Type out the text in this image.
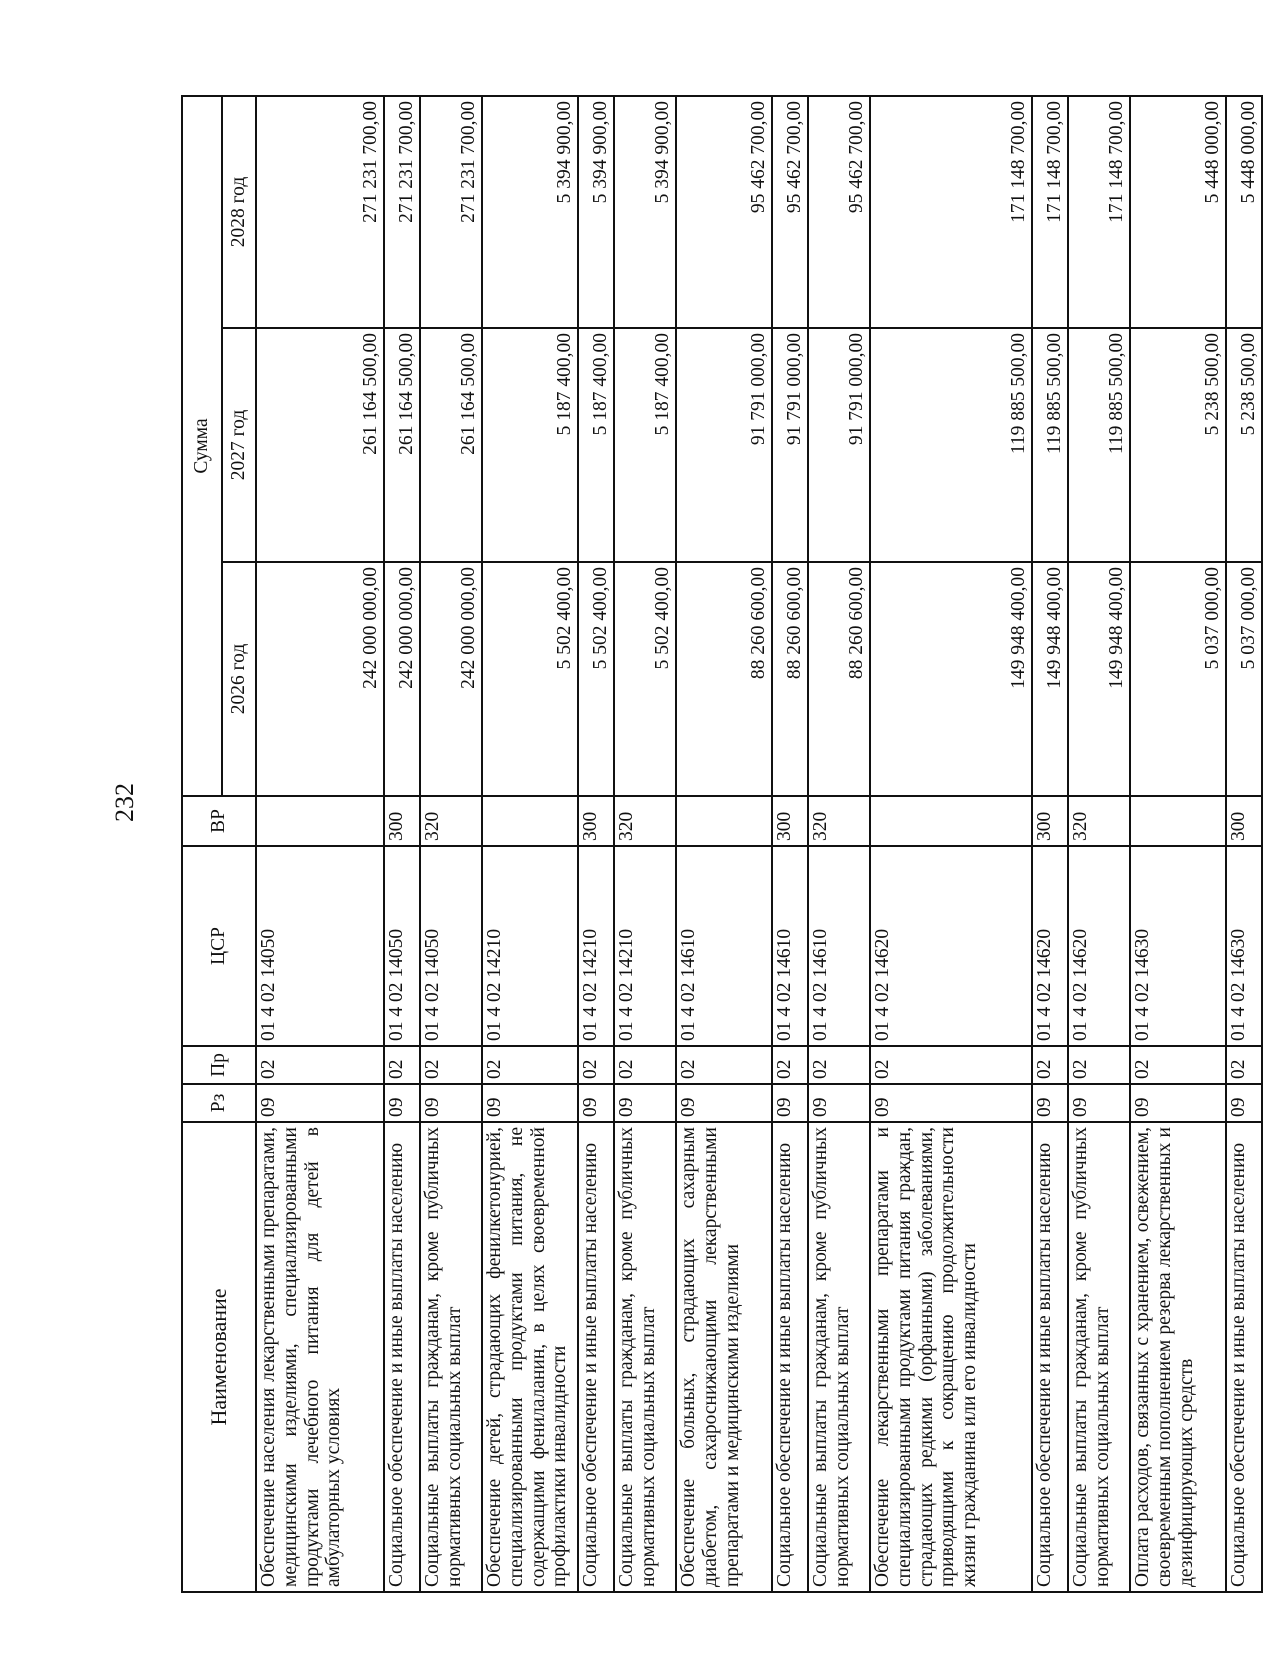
232
Наименование	Рз	Пр	ЦСР	ВР	Сумма		
					2026 год	2027 год	2028 год
Обеспечение населения лекарственными препаратами, медицинскими изделиями, специализированными продуктами лечебного питания для детей в амбулаторных условиях	09	02	01 4 02 14050		242 000 000,00	261 164 500,00	271 231 700,00
Социальное обеспечение и иные выплаты населению	09	02	01 4 02 14050	300	242 000 000,00	261 164 500,00	271 231 700,00
Социальные выплаты гражданам, кроме публичных нормативных социальных выплат	09	02	01 4 02 14050	320	242 000 000,00	261 164 500,00	271 231 700,00
Обеспечение детей, страдающих фенилкетонурией, специализированными продуктами питания, не содержащими фенилаланин, в целях своевременной профилактики инвалидности	09	02	01 4 02 14210		5 502 400,00	5 187 400,00	5 394 900,00
Социальное обеспечение и иные выплаты населению	09	02	01 4 02 14210	300	5 502 400,00	5 187 400,00	5 394 900,00
Социальные выплаты гражданам, кроме публичных нормативных социальных выплат	09	02	01 4 02 14210	320	5 502 400,00	5 187 400,00	5 394 900,00
Обеспечение больных, страдающих сахарным диабетом, сахароснижающими лекарственными препаратами и медицинскими изделиями	09	02	01 4 02 14610		88 260 600,00	91 791 000,00	95 462 700,00
Социальное обеспечение и иные выплаты населению	09	02	01 4 02 14610	300	88 260 600,00	91 791 000,00	95 462 700,00
Социальные выплаты гражданам, кроме публичных нормативных социальных выплат	09	02	01 4 02 14610	320	88 260 600,00	91 791 000,00	95 462 700,00
Обеспечение лекарственными препаратами и специализированными продуктами питания граждан, страдающих редкими (орфанными) заболеваниями, приводящими к сокращению продолжительности жизни гражданина или его инвалидности	09	02	01 4 02 14620		149 948 400,00	119 885 500,00	171 148 700,00
Социальное обеспечение и иные выплаты населению	09	02	01 4 02 14620	300	149 948 400,00	119 885 500,00	171 148 700,00
Социальные выплаты гражданам, кроме публичных нормативных социальных выплат	09	02	01 4 02 14620	320	149 948 400,00	119 885 500,00	171 148 700,00
Оплата расходов, связанных с хранением, освежением, своевременным пополнением резерва лекарственных и дезинфицирующих средств	09	02	01 4 02 14630		5 037 000,00	5 238 500,00	5 448 000,00
Социальное обеспечение и иные выплаты населению	09	02	01 4 02 14630	300	5 037 000,00	5 238 500,00	5 448 000,00
